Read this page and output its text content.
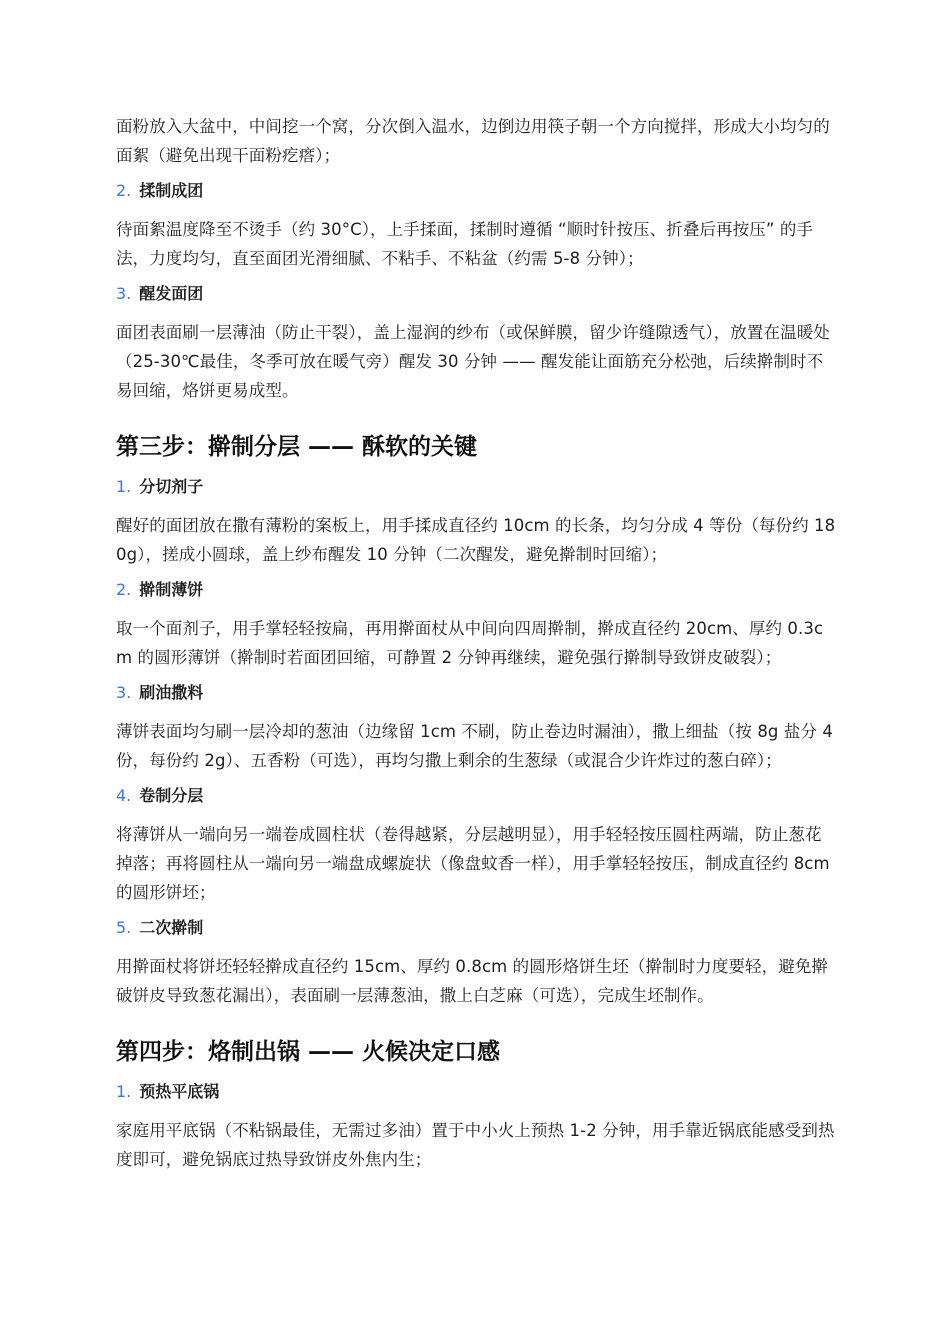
面粉放入大盆中，中间挖一个窝，分次倒入温水，边倒边用筷子朝一个方向搅拌，形成大小均匀的面絮（避免出现干面粉疙瘩）；

2. 揉制成团

待面絮温度降至不烫手（约 30°C），上手揉面，揉制时遵循 “顺时针按压、折叠后再按压” 的手法，力度均匀，直至面团光滑细腻、不粘手、不粘盆（约需 5-8 分钟）；

3. 醒发面团

面团表面刷一层薄油（防止干裂），盖上湿润的纱布（或保鲜膜，留少许缝隙透气），放置在温暖处（25-30℃最佳，冬季可放在暖气旁）醒发 30 分钟 —— 醒发能让面筋充分松弛，后续擀制时不易回缩，烙饼更易成型。

第三步：擀制分层 —— 酥软的关键
1. 分切剂子

醒好的面团放在撒有薄粉的案板上，用手揉成直径约 10cm 的长条，均匀分成 4 等份（每份约 180g），搓成小圆球，盖上纱布醒发 10 分钟（二次醒发，避免擀制时回缩）；

2. 擀制薄饼

取一个面剂子，用手掌轻轻按扁，再用擀面杖从中间向四周擀制，擀成直径约 20cm、厚约 0.3cm 的圆形薄饼（擀制时若面团回缩，可静置 2 分钟再继续，避免强行擀制导致饼皮破裂）；

3. 刷油撒料

薄饼表面均匀刷一层冷却的葱油（边缘留 1cm 不刷，防止卷边时漏油），撒上细盐（按 8g 盐分 4 份，每份约 2g）、五香粉（可选），再均匀撒上剩余的生葱绿（或混合少许炸过的葱白碎）；

4. 卷制分层

将薄饼从一端向另一端卷成圆柱状（卷得越紧，分层越明显），用手轻轻按压圆柱两端，防止葱花掉落；再将圆柱从一端向另一端盘成螺旋状（像盘蚊香一样），用手掌轻轻按压，制成直径约 8cm 的圆形饼坯；

5. 二次擀制

用擀面杖将饼坯轻轻擀成直径约 15cm、厚约 0.8cm 的圆形烙饼生坯（擀制时力度要轻，避免擀破饼皮导致葱花漏出），表面刷一层薄葱油，撒上白芝麻（可选），完成生坯制作。

第四步：烙制出锅 —— 火候决定口感
1. 预热平底锅

家庭用平底锅（不粘锅最佳，无需过多油）置于中小火上预热 1-2 分钟，用手靠近锅底能感受到热度即可，避免锅底过热导致饼皮外焦内生；
